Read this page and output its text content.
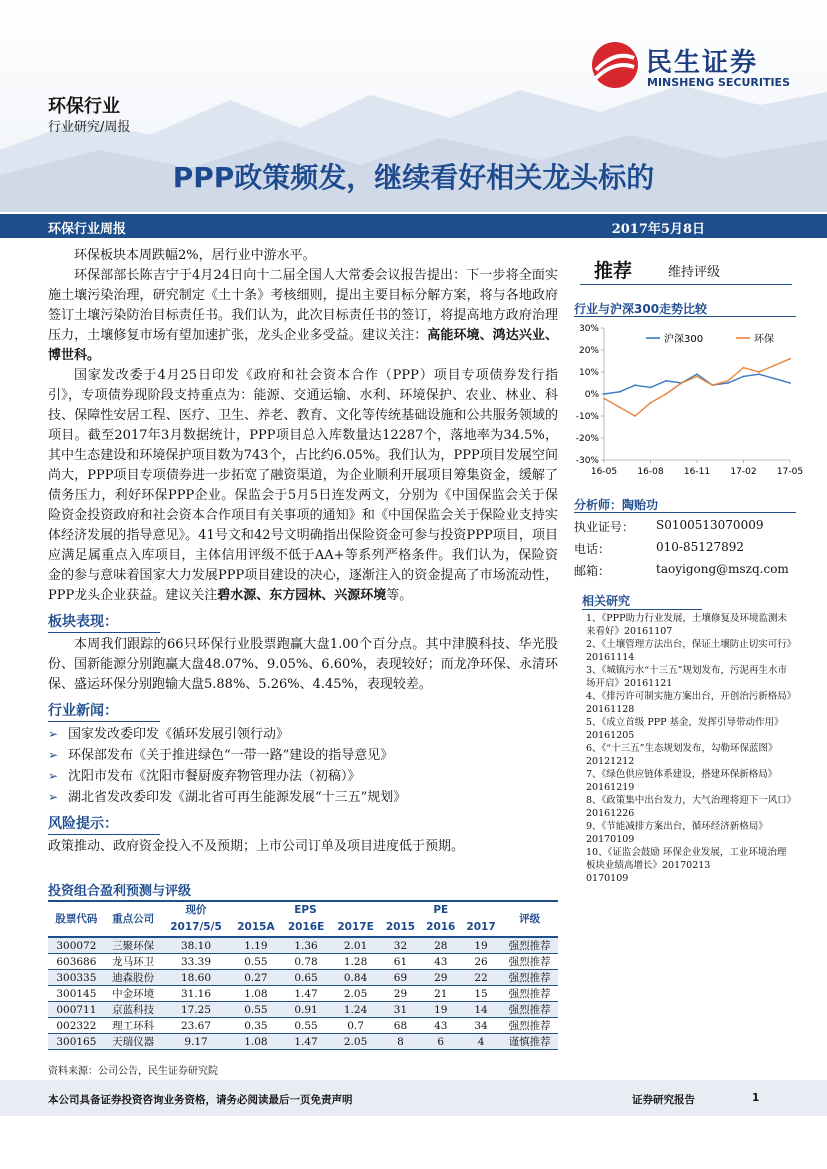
民生证券
MINSHENG SECURITIES
环保行业
行业研究/周报
PPP政策频发，继续看好相关龙头标的
环保行业周报	2017年5月8日

环保板块本周跌幅2%，居行业中游水平。

环保部部长陈吉宁于4月24日向十二届全国人大常委会议报告提出：下一步将全面实施土壤污染治理，研究制定《土十条》考核细则，提出主要目标分解方案，将与各地政府签订土壤污染防治目标责任书。我们认为，此次目标责任书的签订，将提高地方政府治理压力，土壤修复市场有望加速扩张，龙头企业多受益。建议关注：高能环境、鸿达兴业、博世科。

国家发改委于4月25日印发《政府和社会资本合作（PPP）项目专项债券发行指引》，专项债券现阶段支持重点为：能源、交通运输、水利、环境保护、农业、林业、科技、保障性安居工程、医疗、卫生、养老、教育、文化等传统基础设施和公共服务领域的项目。截至2017年3月数据统计，PPP项目总入库数量达12287个，落地率为34.5%，其中生态建设和环境保护项目数为743个，占比约6.05%。我们认为，PPP项目发展空间尚大，PPP项目专项债券进一步拓宽了融资渠道，为企业顺利开展项目筹集资金，缓解了债务压力，利好环保PPP企业。保监会于5月5日连发两文，分别为《中国保监会关于保险资金投资政府和社会资本合作项目有关事项的通知》和《中国保监会关于保险业支持实体经济发展的指导意见》。41号文和42号文明确指出保险资金可参与投资PPP项目，项目应满足属重点入库项目，主体信用评级不低于AA+等系列严格条件。我们认为，保险资金的参与意味着国家大力发展PPP项目建设的决心，逐渐注入的资金提高了市场流动性，PPP龙头企业获益。建议关注碧水源、东方园林、兴源环境等。

板块表现：

本周我们跟踪的66只环保行业股票跑赢大盘1.00个百分点。其中津膜科技、华光股份、国新能源分别跑赢大盘48.07%、9.05%、6.60%，表现较好；而龙净环保、永清环保、盛运环保分别跑输大盘5.88%、5.26%、4.45%，表现较差。

行业新闻：
➢ 国家发改委印发《循环发展引领行动》
➢ 环保部发布《关于推进绿色“一带一路”建设的指导意见》
➢ 沈阳市发布《沈阳市餐厨废弃物管理办法（初稿）》
➢ 湖北省发改委印发《湖北省可再生能源发展“十三五”规划》
风险提示：

政策推动、政府资金投入不及预期；上市公司订单及项目进度低于预期。

投资组合盈利预测与评级
股票代码	重点公司	现价	EPS			PE			评级
		2017/5/5	2015A	2016E	2017E	2015	2016	2017	
300072	三聚环保	38.10	1.19	1.36	2.01	32	28	19	强烈推荐
603686	龙马环卫	33.39	0.55	0.78	1.28	61	43	26	强烈推荐
300335	迪森股份	18.60	0.27	0.65	0.84	69	29	22	强烈推荐
300145	中金环境	31.16	1.08	1.47	2.05	29	21	15	强烈推荐
000711	京蓝科技	17.25	0.55	0.91	1.24	31	19	14	强烈推荐
002322	理工环科	23.67	0.35	0.55	0.7	68	43	34	强烈推荐
300165	天瑞仪器	9.17	1.08	1.47	2.05	8	6	4	谨慎推荐
资料来源：公司公告，民生证券研究院
推荐	维持评级
行业与沪深300走势比较
30%
20%
10%
0%
-10%
-20%
-30%
16-05 16-08 16-11 17-02 17-05
沪深300	环保
分析师：陶贻功
执业证号： S0100513070009
电话：	010-85127892
邮箱：	taoyigong@mszq.com
相关研究
1、《PPP助力行业发展，土壤修复及环境监测未来看好》20161107
2、《土壤管理方法出台，保证土壤防止切实可行》20161114
3、《城镇污水“十三五”规划发布，污泥再生水市场开启》20161121
4、《排污许可制实施方案出台，开创治污新格局》20161128
5、《成立首级 PPP 基金，发挥引导带动作用》20161205
6、《“十三五”生态规划发布，勾勒环保蓝图》20121212
7、《绿色供应链体系建设，搭建环保新格局》20161219
8、《政策集中出台发力，大气治理将迎下一风口》20161226
9、《节能减排方案出台，循环经济新格局》20170109
10、《证监会鼓励 环保企业发展，工业环境治理板块业绩高增长》20170213
0170109
本公司具备证券投资咨询业务资格，请务必阅读最后一页免责声明	证券研究报告	1
